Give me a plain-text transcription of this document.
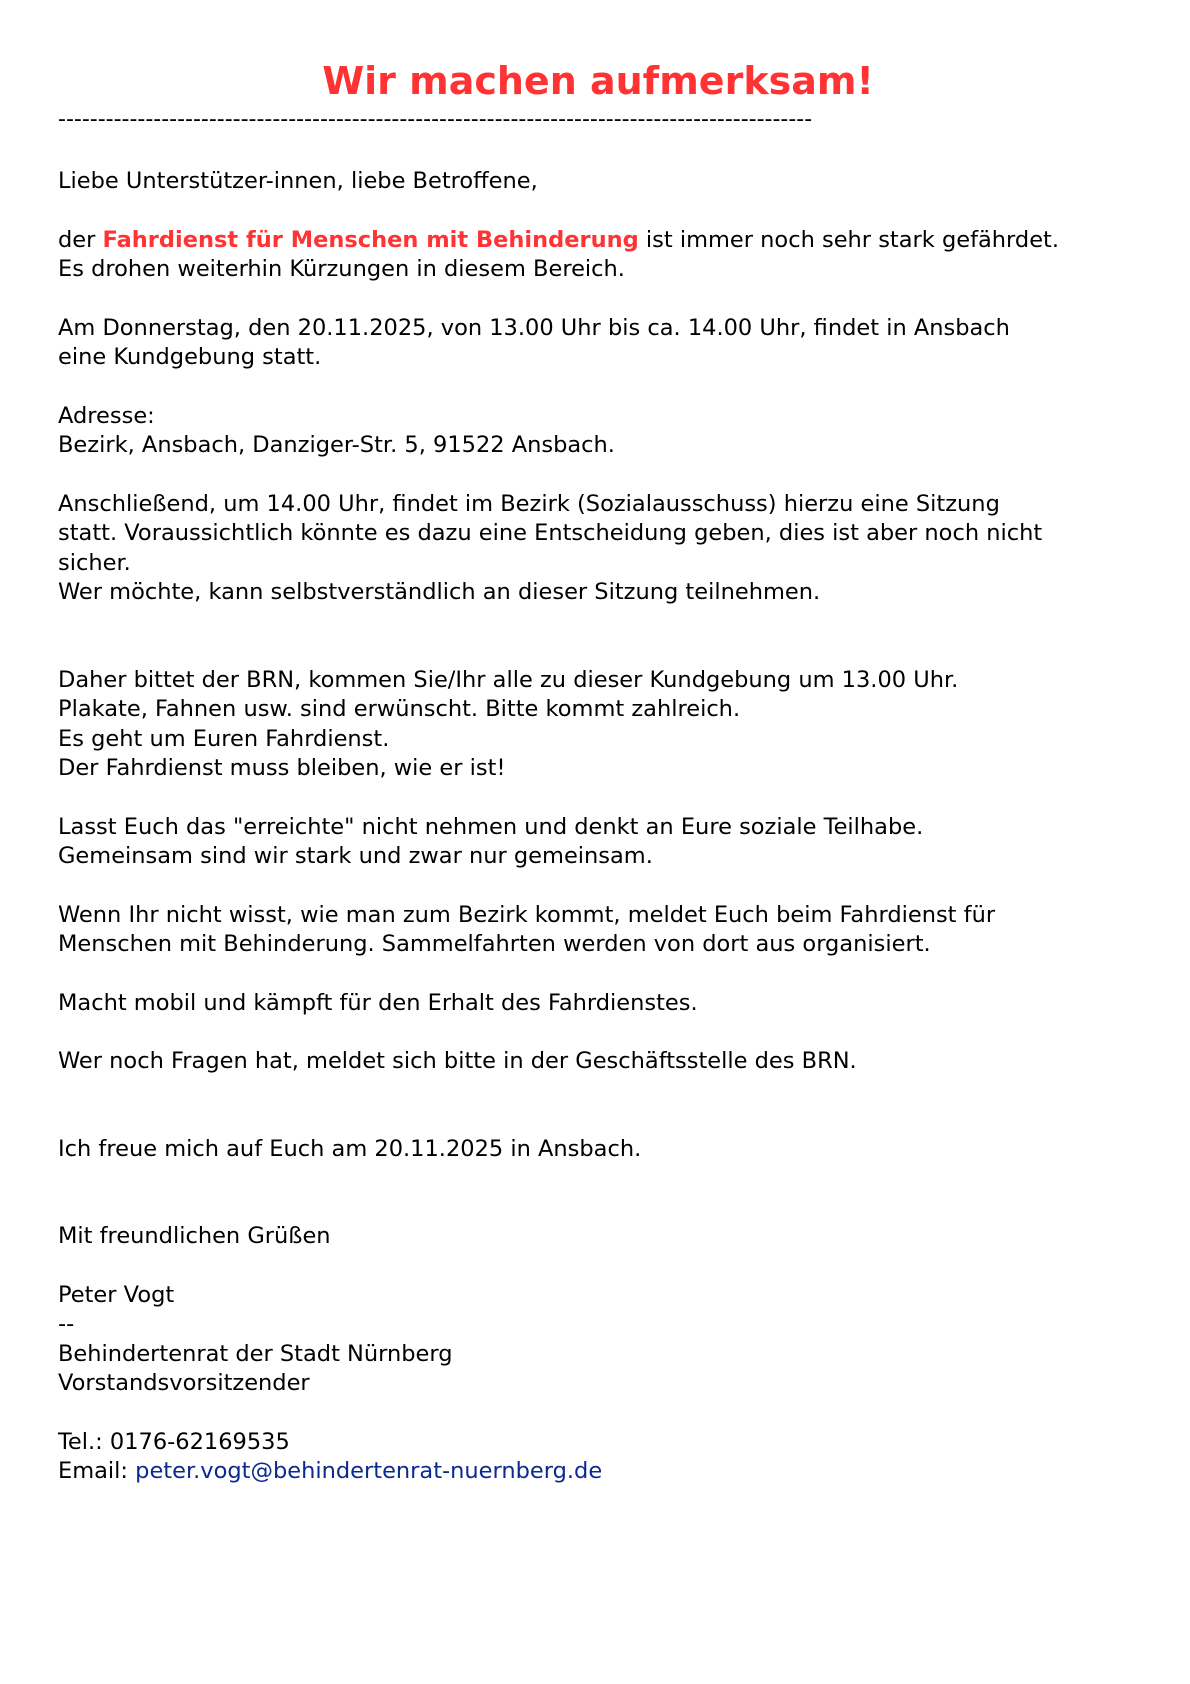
Wir machen aufmerksam!
-----------------------------------------------------------------------------------------------

Liebe Unterstützer-innen, liebe Betroffene,

der Fahrdienst für Menschen mit Behinderung ist immer noch sehr stark gefährdet.
Es drohen weiterhin Kürzungen in diesem Bereich.

Am Donnerstag, den 20.11.2025, von 13.00 Uhr bis ca. 14.00 Uhr, findet in Ansbach
eine Kundgebung statt.

Adresse:
Bezirk, Ansbach, Danziger-Str. 5, 91522 Ansbach.

Anschließend, um 14.00 Uhr, findet im Bezirk (Sozialausschuss) hierzu eine Sitzung
statt. Voraussichtlich könnte es dazu eine Entscheidung geben, dies ist aber noch nicht
sicher.
Wer möchte, kann selbstverständlich an dieser Sitzung teilnehmen.

Daher bittet der BRN, kommen Sie/Ihr alle zu dieser Kundgebung um 13.00 Uhr.
Plakate, Fahnen usw. sind erwünscht. Bitte kommt zahlreich.
Es geht um Euren Fahrdienst.
Der Fahrdienst muss bleiben, wie er ist!

Lasst Euch das "erreichte" nicht nehmen und denkt an Eure soziale Teilhabe.
Gemeinsam sind wir stark und zwar nur gemeinsam.

Wenn Ihr nicht wisst, wie man zum Bezirk kommt, meldet Euch beim Fahrdienst für
Menschen mit Behinderung. Sammelfahrten werden von dort aus organisiert.

Macht mobil und kämpft für den Erhalt des Fahrdienstes.

Wer noch Fragen hat, meldet sich bitte in der Geschäftsstelle des BRN.

Ich freue mich auf Euch am 20.11.2025 in Ansbach.

Mit freundlichen Grüßen

Peter Vogt
--
Behindertenrat der Stadt Nürnberg
Vorstandsvorsitzender

Tel.: 0176-62169535
Email: peter.vogt@behindertenrat-nuernberg.de
